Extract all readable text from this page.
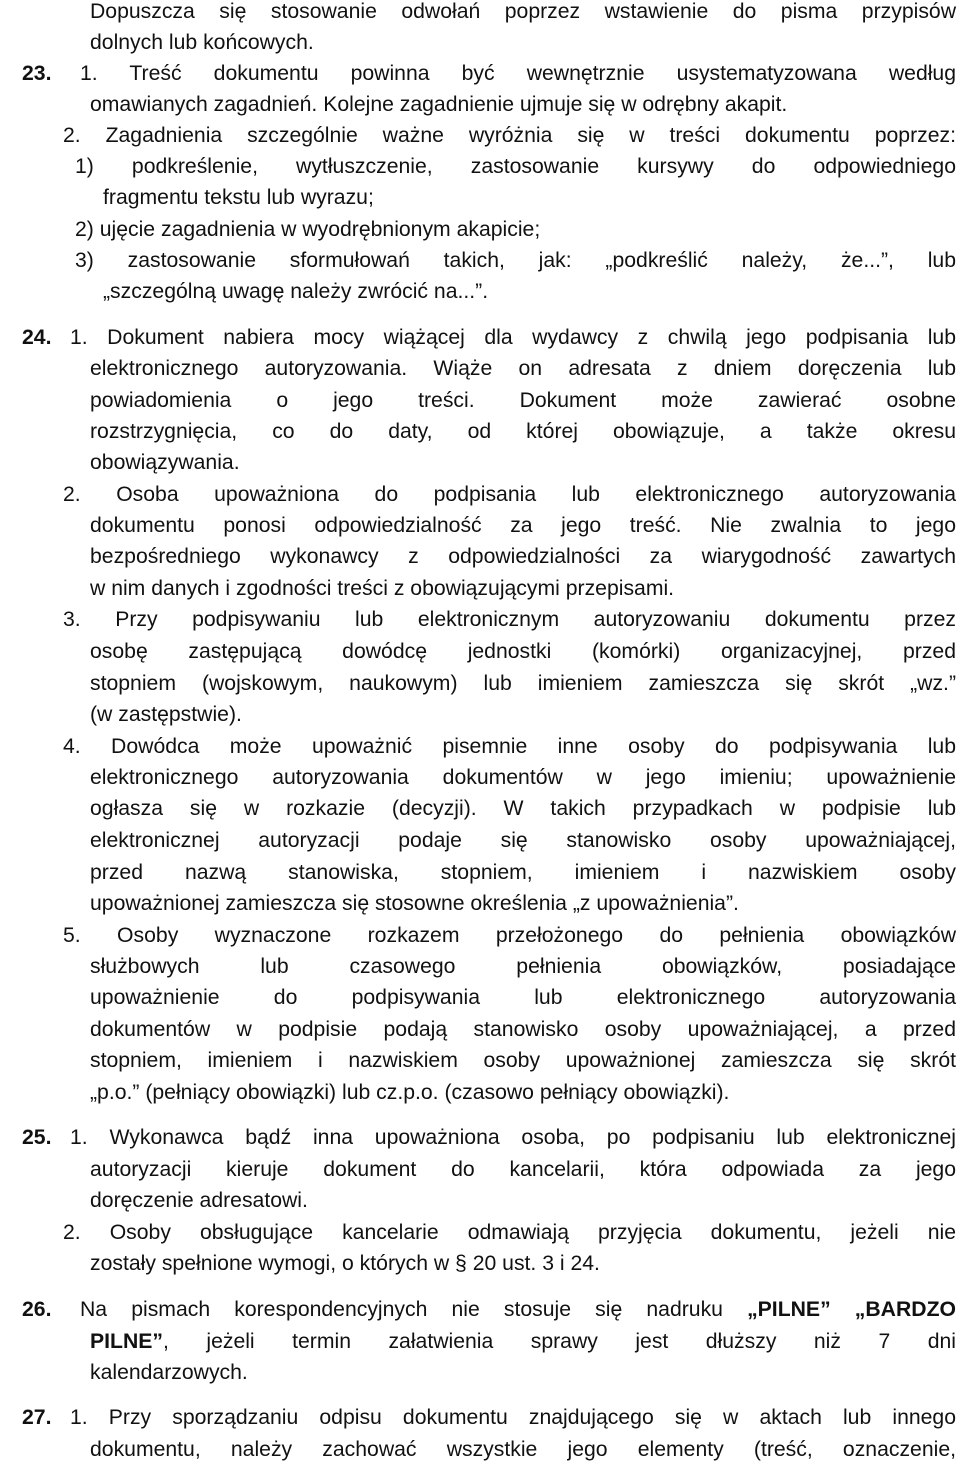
Dopuszcza się stosowanie odwołań poprzez wstawienie do pisma przypisów
dolnych lub końcowych.
23. 1. Treść dokumentu powinna być wewnętrznie usystematyzowana według
omawianych zagadnień. Kolejne zagadnienie ujmuje się w odrębny akapit.
2. Zagadnienia szczególnie ważne wyróżnia się w treści dokumentu poprzez:
1) podkreślenie, wytłuszczenie, zastosowanie kursywy do odpowiedniego
fragmentu tekstu lub wyrazu;
2) ujęcie zagadnienia w wyodrębnionym akapicie;
3) zastosowanie sformułowań takich, jak: „podkreślić należy, że...”, lub
„szczególną uwagę należy zwrócić na...”.
24. 1. Dokument nabiera mocy wiążącej dla wydawcy z chwilą jego podpisania lub
elektronicznego autoryzowania. Wiąże on adresata z dniem doręczenia lub
powiadomienia o jego treści. Dokument może zawierać osobne
rozstrzygnięcia, co do daty, od której obowiązuje, a także okresu
obowiązywania.
2. Osoba upoważniona do podpisania lub elektronicznego autoryzowania
dokumentu ponosi odpowiedzialność za jego treść. Nie zwalnia to jego
bezpośredniego wykonawcy z odpowiedzialności za wiarygodność zawartych
w nim danych i zgodności treści z obowiązującymi przepisami.
3. Przy podpisywaniu lub elektronicznym autoryzowaniu dokumentu przez
osobę zastępującą dowódcę jednostki (komórki) organizacyjnej, przed
stopniem (wojskowym, naukowym) lub imieniem zamieszcza się skrót „wz.”
(w zastępstwie).
4. Dowódca może upoważnić pisemnie inne osoby do podpisywania lub
elektronicznego autoryzowania dokumentów w jego imieniu; upoważnienie
ogłasza się w rozkazie (decyzji). W takich przypadkach w podpisie lub
elektronicznej autoryzacji podaje się stanowisko osoby upoważniającej,
przed nazwą stanowiska, stopniem, imieniem i nazwiskiem osoby
upoważnionej zamieszcza się stosowne określenia „z upoważnienia”.
5. Osoby wyznaczone rozkazem przełożonego do pełnienia obowiązków
służbowych lub czasowego pełnienia obowiązków, posiadające
upoważnienie do podpisywania lub elektronicznego autoryzowania
dokumentów w podpisie podają stanowisko osoby upoważniającej, a przed
stopniem, imieniem i nazwiskiem osoby upoważnionej zamieszcza się skrót
„p.o.” (pełniący obowiązki) lub cz.p.o. (czasowo pełniący obowiązki).
25. 1. Wykonawca bądź inna upoważniona osoba, po podpisaniu lub elektronicznej
autoryzacji kieruje dokument do kancelarii, która odpowiada za jego
doręczenie adresatowi.
2. Osoby obsługujące kancelarie odmawiają przyjęcia dokumentu, jeżeli nie
zostały spełnione wymogi, o których w § 20 ust. 3 i 24.
26. Na pismach korespondencyjnych nie stosuje się nadruku „PILNE” „BARDZO
PILNE”, jeżeli termin załatwienia sprawy jest dłuższy niż 7 dni
kalendarzowych.
27. 1. Przy sporządzaniu odpisu dokumentu znajdującego się w aktach lub innego
dokumentu, należy zachować wszystkie jego elementy (treść, oznaczenie,
